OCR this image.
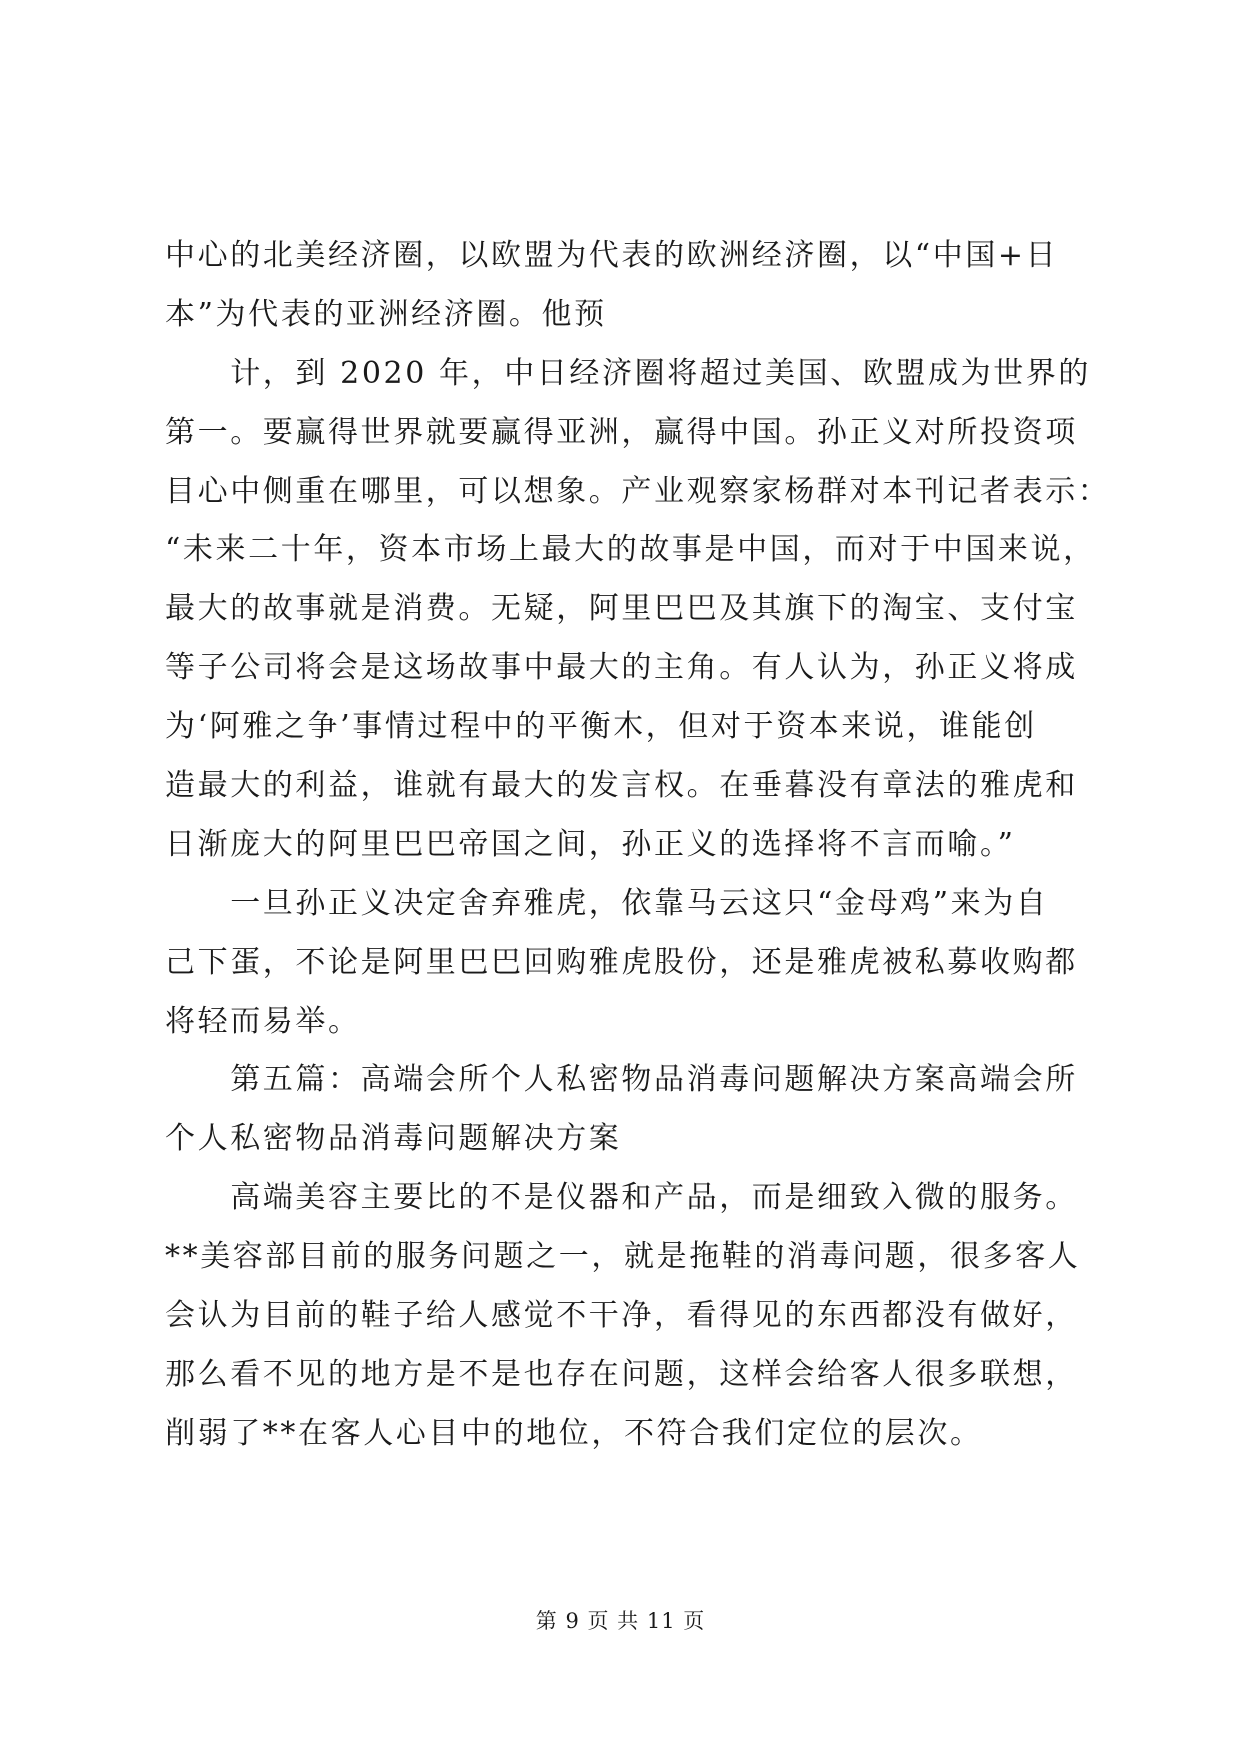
中心的北美经济圈，以欧盟为代表的欧洲经济圈，以“中国+日
本”为代表的亚洲经济圈。他预
　　计，到 2020 年，中日经济圈将超过美国、欧盟成为世界的
第一。要赢得世界就要赢得亚洲，赢得中国。孙正义对所投资项
目心中侧重在哪里，可以想象。产业观察家杨群对本刊记者表示：
“未来二十年，资本市场上最大的故事是中国，而对于中国来说，
最大的故事就是消费。无疑，阿里巴巴及其旗下的淘宝、支付宝
等子公司将会是这场故事中最大的主角。有人认为，孙正义将成
为‘阿雅之争’事情过程中的平衡木，但对于资本来说，谁能创
造最大的利益，谁就有最大的发言权。在垂暮没有章法的雅虎和
日渐庞大的阿里巴巴帝国之间，孙正义的选择将不言而喻。”
　　一旦孙正义决定舍弃雅虎，依靠马云这只“金母鸡”来为自
己下蛋，不论是阿里巴巴回购雅虎股份，还是雅虎被私募收购都
将轻而易举。
　　第五篇：高端会所个人私密物品消毒问题解决方案高端会所
个人私密物品消毒问题解决方案
　　高端美容主要比的不是仪器和产品，而是细致入微的服务。
**美容部目前的服务问题之一，就是拖鞋的消毒问题，很多客人
会认为目前的鞋子给人感觉不干净，看得见的东西都没有做好，
那么看不见的地方是不是也存在问题，这样会给客人很多联想，
削弱了**在客人心目中的地位，不符合我们定位的层次。
第 9 页 共 11 页
